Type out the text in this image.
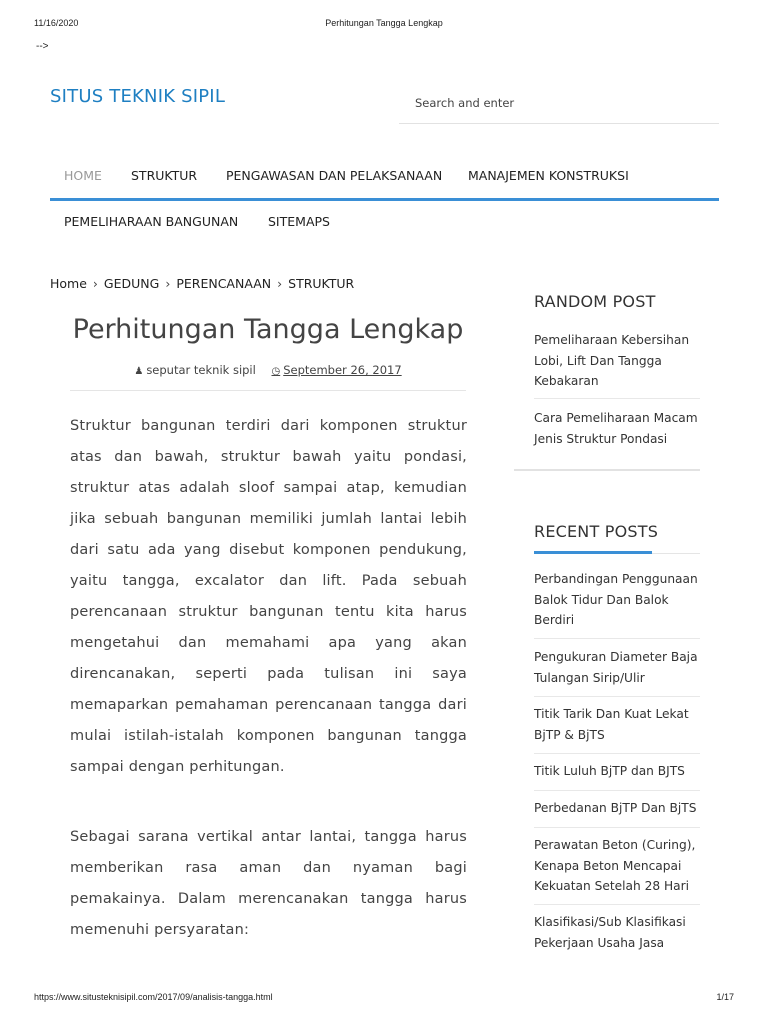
11/16/2020	Perhitungan Tangga Lengkap
-->
SITUS TEKNIK SIPIL
Search and enter
HOME STRUKTUR PENGAWASAN DAN PELAKSANAAN MANAJEMEN KONSTRUKSI
PEMELIHARAAN BANGUNAN SITEMAPS
Home › GEDUNG › PERENCANAAN › STRUKTUR
Perhitungan Tangga Lengkap
♟ seputar teknik sipil ◷ September 26, 2017

Struktur bangunan terdiri dari komponen struktur atas dan bawah, struktur bawah yaitu pondasi, struktur atas adalah sloof sampai atap, kemudian jika sebuah bangunan memiliki jumlah lantai lebih dari satu ada yang disebut komponen pendukung, yaitu tangga, excalator dan lift. Pada sebuah perencanaan struktur bangunan tentu kita harus mengetahui dan memahami apa yang akan direncanakan, seperti pada tulisan ini saya memaparkan pemahaman perencanaan tangga dari mulai istilah-istalah komponen bangunan tangga sampai dengan perhitungan.

Sebagai sarana vertikal antar lantai, tangga harus memberikan rasa aman dan nyaman bagi pemakainya. Dalam merencanakan tangga harus memenuhi persyaratan:

RANDOM POST
Pemeliharaan Kebersihan Lobi, Lift Dan Tangga Kebakaran
Cara Pemeliharaan Macam Jenis Struktur Pondasi
RECENT POSTS
Perbandingan Penggunaan Balok Tidur Dan Balok Berdiri
Pengukuran Diameter Baja Tulangan Sirip/Ulir
Titik Tarik Dan Kuat Lekat BjTP & BjTS
Titik Luluh BjTP dan BJTS
Perbedanan BjTP Dan BjTS
Perawatan Beton (Curing), Kenapa Beton Mencapai Kekuatan Setelah 28 Hari
Klasifikasi/Sub Klasifikasi Pekerjaan Usaha Jasa
https://www.situsteknisipil.com/2017/09/analisis-tangga.html	1/17
